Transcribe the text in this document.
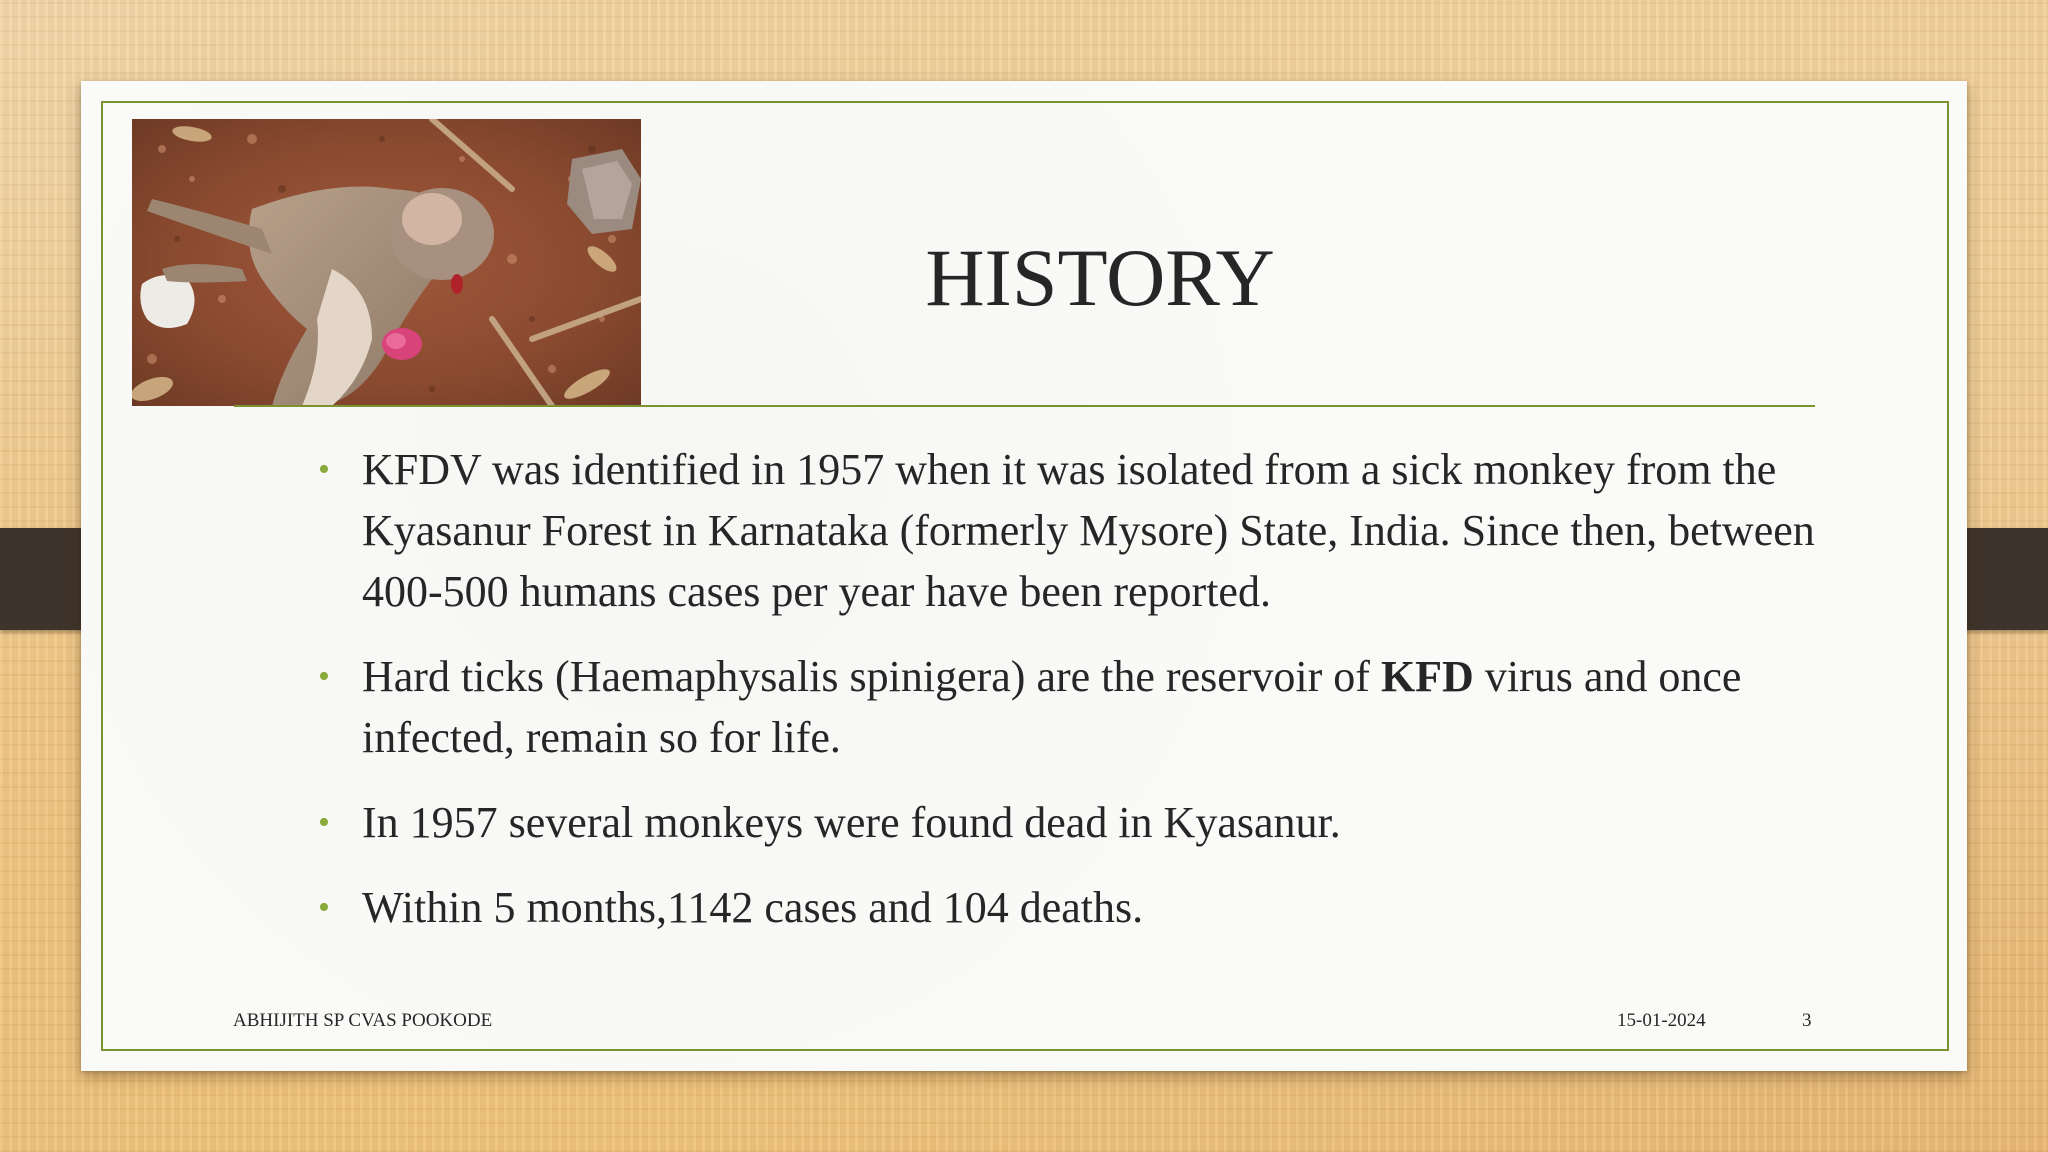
HISTORY
• KFDV was identified in 1957 when it was isolated from a sick monkey from the Kyasanur Forest in Karnataka (formerly Mysore) State, India. Since then, between 400-500 humans cases per year have been reported.
• Hard ticks (Haemaphysalis spinigera) are the reservoir of KFD virus and once infected, remain so for life.
• In 1957 several monkeys were found dead in Kyasanur.
• Within 5 months,1142 cases and 104 deaths.
ABHIJITH SP CVAS POOKODE	15-01-2024	3
